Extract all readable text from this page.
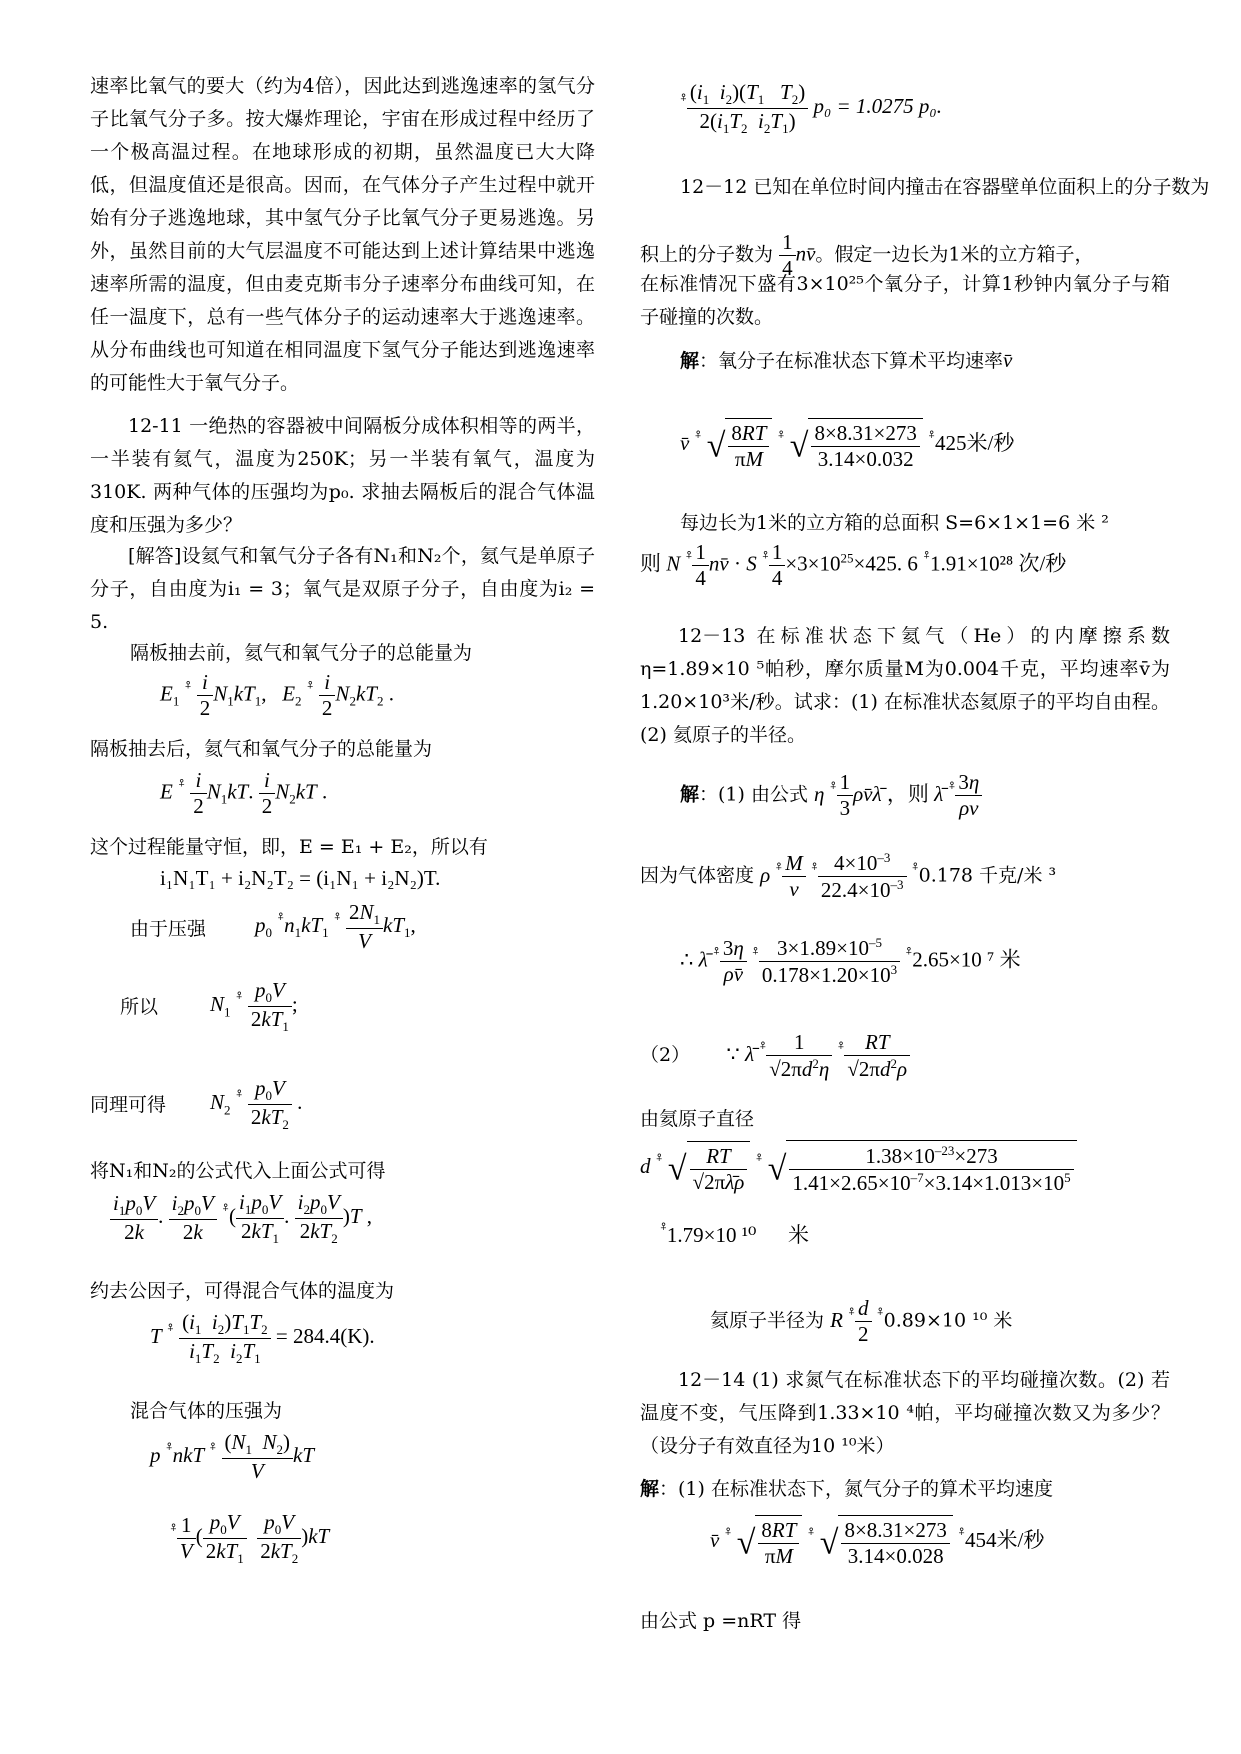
速率比氧气的要大（约为4倍），因此达到逃逸速率的氢气分子比氧气分子多。按大爆炸理论，宇宙在形成过程中经历了一个极高温过程。在地球形成的初期，虽然温度已大大降低，但温度值还是很高。因而，在气体分子产生过程中就开始有分子逃逸地球，其中氢气分子比氧气分子更易逃逸。另外，虽然目前的大气层温度不可能达到上述计算结果中逃逸速率所需的温度，但由麦克斯韦分子速率分布曲线可知，在任一温度下，总有一些气体分子的运动速率大于逃逸速率。从分布曲线也可知道在相同温度下氢气分子能达到逃逸速率的可能性大于氧气分子。
12-11 一绝热的容器被中间隔板分成体积相等的两半，一半装有氦气，温度为250K；另一半装有氧气，温度为310K. 两种气体的压强均为p₀. 求抽去隔板后的混合气体温度和压强为多少？
[解答]设氦气和氧气分子各有N₁和N₂个，氦气是单原子分子，自由度为i₁ = 3；氧气是双原子分子，自由度为i₂ = 5.
隔板抽去前，氦气和氧气分子的总能量为
$E_1$ $^{^+̊} \frac{i}{2} N_1kT_1$,   $E_2$ $^{^+̊} \frac{i}{2} N_2kT_2$ .
隔板抽去后，氦气和氧气分子的总能量为
E $^{^+̊} \frac{i}{2} N_1kT$. $\frac{i}{2} N_2kT$ .
这个过程能量守恒，即，E = E₁ + E₂，所以有
i₁N₁T₁ + i₂N₂T₂ = (i₁N₁ + i₂N₂)T.
由于压强 $p_0$ $^{^+̊}n_1kT_1$ $^{^+̊} \frac{2N_1}{V} kT_1$,
所以 $N_1$ $^{^+̊} \frac{p_0V}{2kT_1}$ ;
同理可得 $N_2$ $^{^+̊} \frac{p_0V}{2kT_2}$ .
将N₁和N₂的公式代入上面公式可得
$\frac{i_1p_0V}{2k}$ . $\frac{i_2p_0V}{2k} ^{^+̊}( \frac{i_1p_0V}{2kT_1}$ . $\frac{i_2p_0V}{2kT_2} )T$ ,
约去公因子，可得混合气体的温度为
T $^{^+̊} \frac{(i_1 i_2)T_1T_2}{i_1T_2 i_2T_1} = 284.4(K)$.
混合气体的压强为
p ⁺̊nkT $^{^+̊} \frac{(N_1 N_2)}{V}$ kT
$^{^+̊} \frac{1}{V}$ ( $\frac{p_0V}{2kT_1}$
$\frac{p_0V}{2kT_2} )kT$
$^{^+̊} \frac{(i_1 i_2)(T_1 T_2)}{2(i_1T_2 i_2T_1)} p_0 = 1.0275$ p₀.
12－12 已知在单位时间内撞击在容器壁单位面积上的分子数为
积上的分子数为 $\frac{1}{4}$ nv̄。假定一边长为1米的立方箱子，
在标准情况下盛有3×10²⁵个氧分子，计算1秒钟内氧分子与箱子碰撞的次数。
解：氧分子在标准状态下算术平均速率v̄
v̄ ⁺̊ √ $\frac{8RT}{\pi M} ^{^+̊}$ √ $\frac{8\times 8.31\times 273}{3.14\times 0.032} ^{^+̊}425$米/秒
每边长为1米的立方箱的总面积 S=6×1×1=6 米 ²
则 N $^{^+̊} \frac{1}{4}$ nv̄ · S $^{^+̊} \frac{1}{4} \times 3\times 10^{25}\times 425$. 6 ⁺̊1.91×10²⁸ 次/秒
12－13 在标准状态下氦气（He）的内摩擦系数η=1.89×10 ⁵帕秒，摩尔质量M为0.004千克，平均速率v̄为1.20×10³米/秒。试求：(1) 在标准状态氦原子的平均自由程。(2) 氦原子的半径。
解：(1) 由公式 η $^{^+̊} \frac{1}{3}$ ρv̄λ̄ ，则 λ̄ $^{^+̊} \frac{3\eta}{\rho v}$
因为气体密度 ρ $^{^+̊} \frac{M}{v} ^{^+̊} \frac{4\times 10^{-3}}{22.4\times 10^{-3}} ^{^+̊}0.178$ 千克/米 ³
∴ λ̄ $^{^+̊} \frac{3\eta}{\rho v̄} ^{^+̊} \frac{3\times 1.89\times 10^{-5}}{0.178\times 1.20\times 10^3} ^{^+̊}2.65\times 10$ ⁷ 米
（2） ∵ λ̄ $^{^+̊} \frac{1}{√2\pi d^2\eta} ^{^+̊} \frac{RT}{√2\pi d^2\rho}$
由氦原子直径
d ⁺̊ √ $\frac{RT}{√2\pi\lambdā\rho} ^{^+̊}$ √ $\frac{1.38\times 10^{-23}\times 273}{1.41\times 2.65\times 10^{-7}\times 3.14\times 1.013\times 10^5}$
⁺̊1.79×10 ¹⁰ 米
氦原子半径为 R $^{^+̊} \frac{d}{2} ^{^+̊}0.89\times 10$ ¹⁰ 米
12－14 (1) 求氮气在标准状态下的平均碰撞次数。(2) 若温度不变，气压降到1.33×10 ⁴帕，平均碰撞次数又为多少？（设分子有效直径为10 ¹⁰米）
解：(1) 在标准状态下，氮气分子的算术平均速度
v̄ ⁺̊ √ $\frac{8RT}{\pi M} ^{^+̊}$ √ $\frac{8\times 8.31\times 273}{3.14\times 0.028} ^{^+̊}454$米/秒
由公式 p =nRT 得
